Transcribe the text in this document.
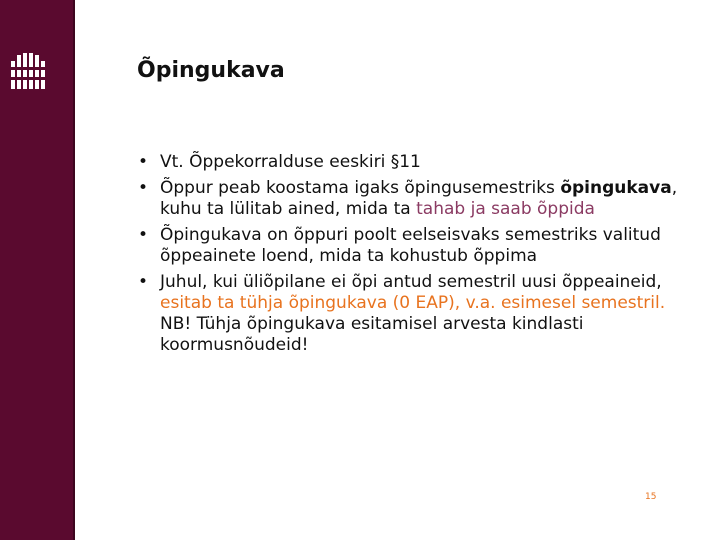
Õpingukava
• Vt. Õppekorralduse eeskiri §11
• Õppur peab koostama igaks õpingusemestriks õpingukava, kuhu ta lülitab ained, mida ta tahab ja saab õppida
• Õpingukava on õppuri poolt eelseisvaks semestriks valitud õppeainete loend, mida ta kohustub õppima
• Juhul, kui üliõpilane ei õpi antud semestril uusi õppeaineid, esitab ta tühja õpingukava (0 EAP), v.a. esimesel semestril. NB! Tühja õpingukava esitamisel arvesta kindlasti koormusnõudeid!
15
